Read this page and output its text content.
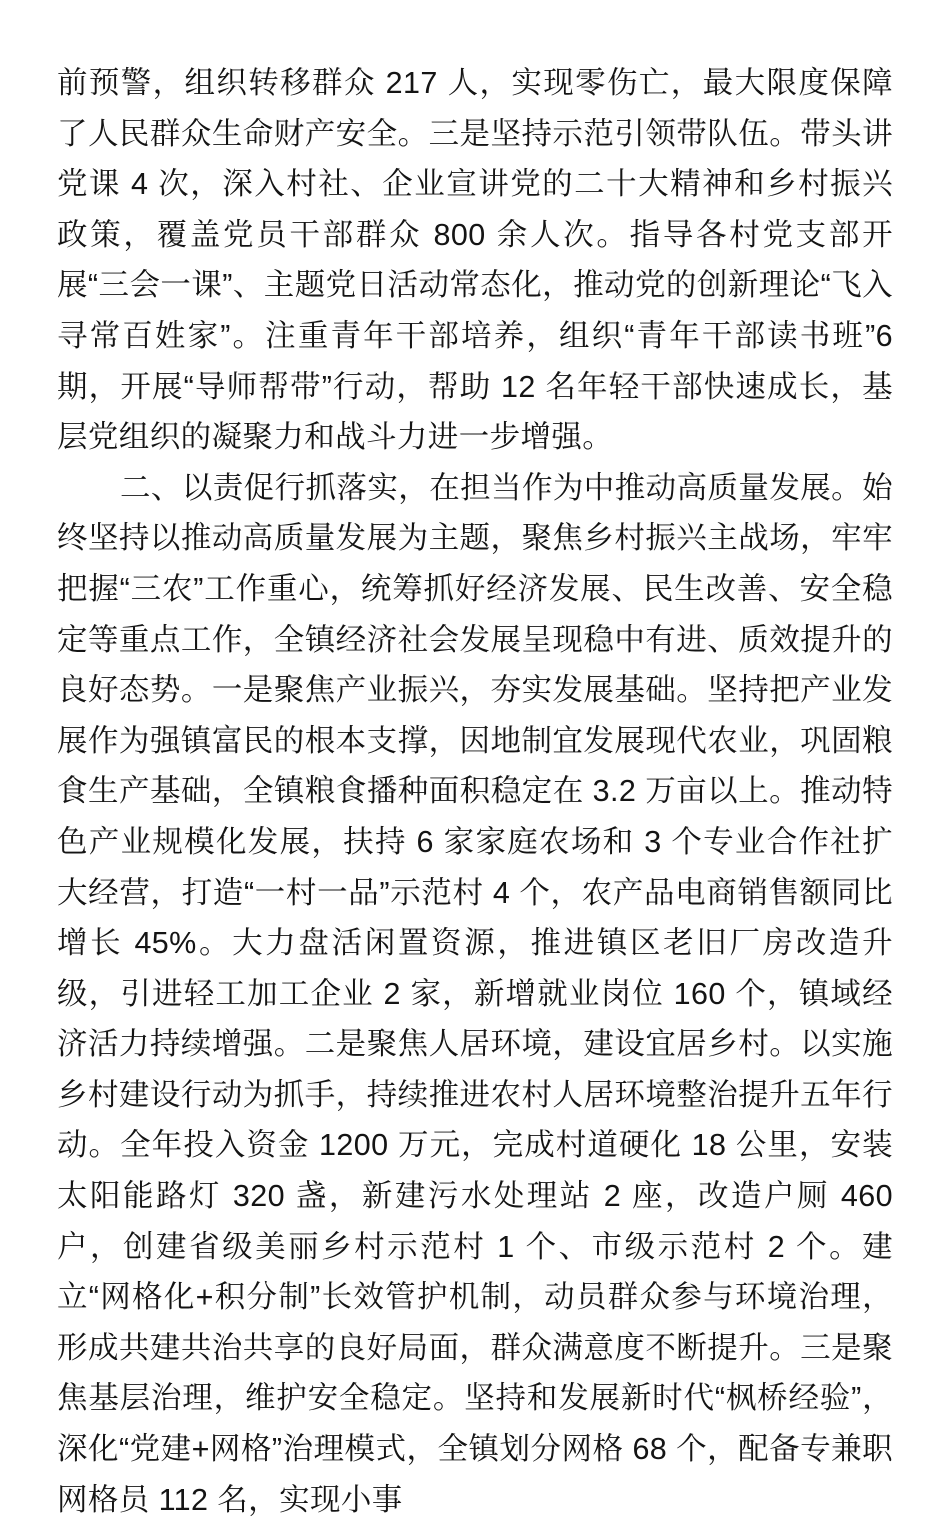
前预警，组织转移群众 217 人，实现零伤亡，最大限度保障了人民群众生命财产安全。三是坚持示范引领带队伍。带头讲党课 4 次，深入村社、企业宣讲党的二十大精神和乡村振兴政策，覆盖党员干部群众 800 余人次。指导各村党支部开展“三会一课”、主题党日活动常态化，推动党的创新理论“飞入寻常百姓家”。注重青年干部培养，组织“青年干部读书班”6 期，开展“导师帮带”行动，帮助 12 名年轻干部快速成长，基层党组织的凝聚力和战斗力进一步增强。

二、以责促行抓落实，在担当作为中推动高质量发展。始终坚持以推动高质量发展为主题，聚焦乡村振兴主战场，牢牢把握“三农”工作重心，统筹抓好经济发展、民生改善、安全稳定等重点工作，全镇经济社会发展呈现稳中有进、质效提升的良好态势。一是聚焦产业振兴，夯实发展基础。坚持把产业发展作为强镇富民的根本支撑，因地制宜发展现代农业，巩固粮食生产基础，全镇粮食播种面积稳定在 3.2 万亩以上。推动特色产业规模化发展，扶持 6 家家庭农场和 3 个专业合作社扩大经营，打造“一村一品”示范村 4 个，农产品电商销售额同比增长 45%。大力盘活闲置资源，推进镇区老旧厂房改造升级，引进轻工加工企业 2 家，新增就业岗位 160 个，镇域经济活力持续增强。二是聚焦人居环境，建设宜居乡村。以实施乡村建设行动为抓手，持续推进农村人居环境整治提升五年行动。全年投入资金 1200 万元，完成村道硬化 18 公里，安装太阳能路灯 320 盏，新建污水处理站 2 座，改造户厕 460 户，创建省级美丽乡村示范村 1 个、市级示范村 2 个。建立“网格化+积分制”长效管护机制，动员群众参与环境治理，形成共建共治共享的良好局面，群众满意度不断提升。三是聚焦基层治理，维护安全稳定。坚持和发展新时代“枫桥经验”，深化“党建+网格”治理模式，全镇划分网格 68 个，配备专兼职网格员 112 名，实现小事
